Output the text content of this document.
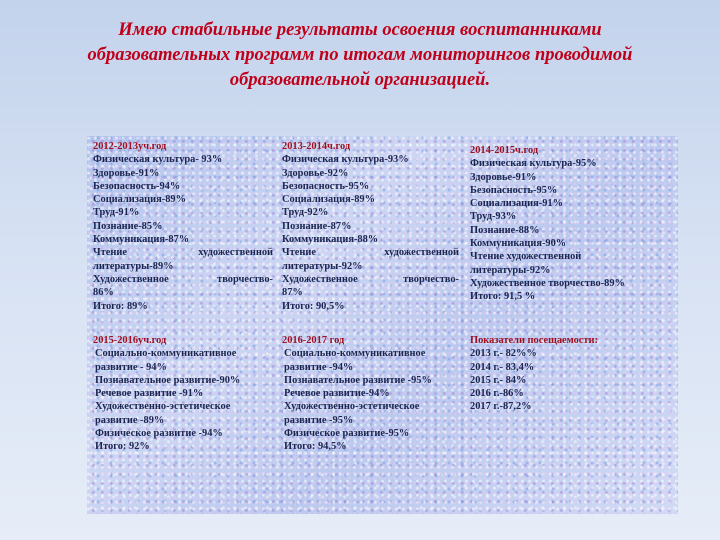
Имею стабильные результаты освоения воспитанниками
образовательных программ по итогам мониторингов проводимой
образовательной организацией.
2012-2013уч.год
Физическая культура- 93%
Здоровье-91%
Безопасность-94%
Социализация-89%
Труд-91%
Познание-85%
Коммуникация-87%
Чтение	художественной
литературы-89%
Художественное	творчество-
86%
Итого: 89%
2013-2014ч.год
Физическая культура-93%
Здоровье-92%
Безопасность-95%
Социализация-89%
Труд-92%
Познание-87%
Коммуникация-88%
Чтение	художественной
литературы-92%
Художественное	творчество-
87%
Итого: 90,5%
2014-2015ч.год
Физическая культура-95%
Здоровье-91%
Безопасность-95%
Социализация-91%
Труд-93%
Познание-88%
Коммуникация-90%
Чтение художественной
литературы-92%
Художественное творчество-89%
Итого: 91,5 %
2015-2016уч.год
Социально-коммуникативное
развитие - 94%
Познавательное развитие-90%
Речевое развитие -91%
Художественно-эстетическое
развитие -89%
Физическое развитие -94%
Итого: 92%
2016-2017 год
Социально-коммуникативное
развитие -94%
Познавательное развитие -95%
Речевое развитие-94%
Художественно-эстетическое
развитие -95%
Физическое развитие-95%
Итого: 94,5%
Показатели посещаемости:
2013 г.- 82%%
2014 г.- 83,4%
2015 г.- 84%
2016 г.-86%
2017 г.-87,2%
